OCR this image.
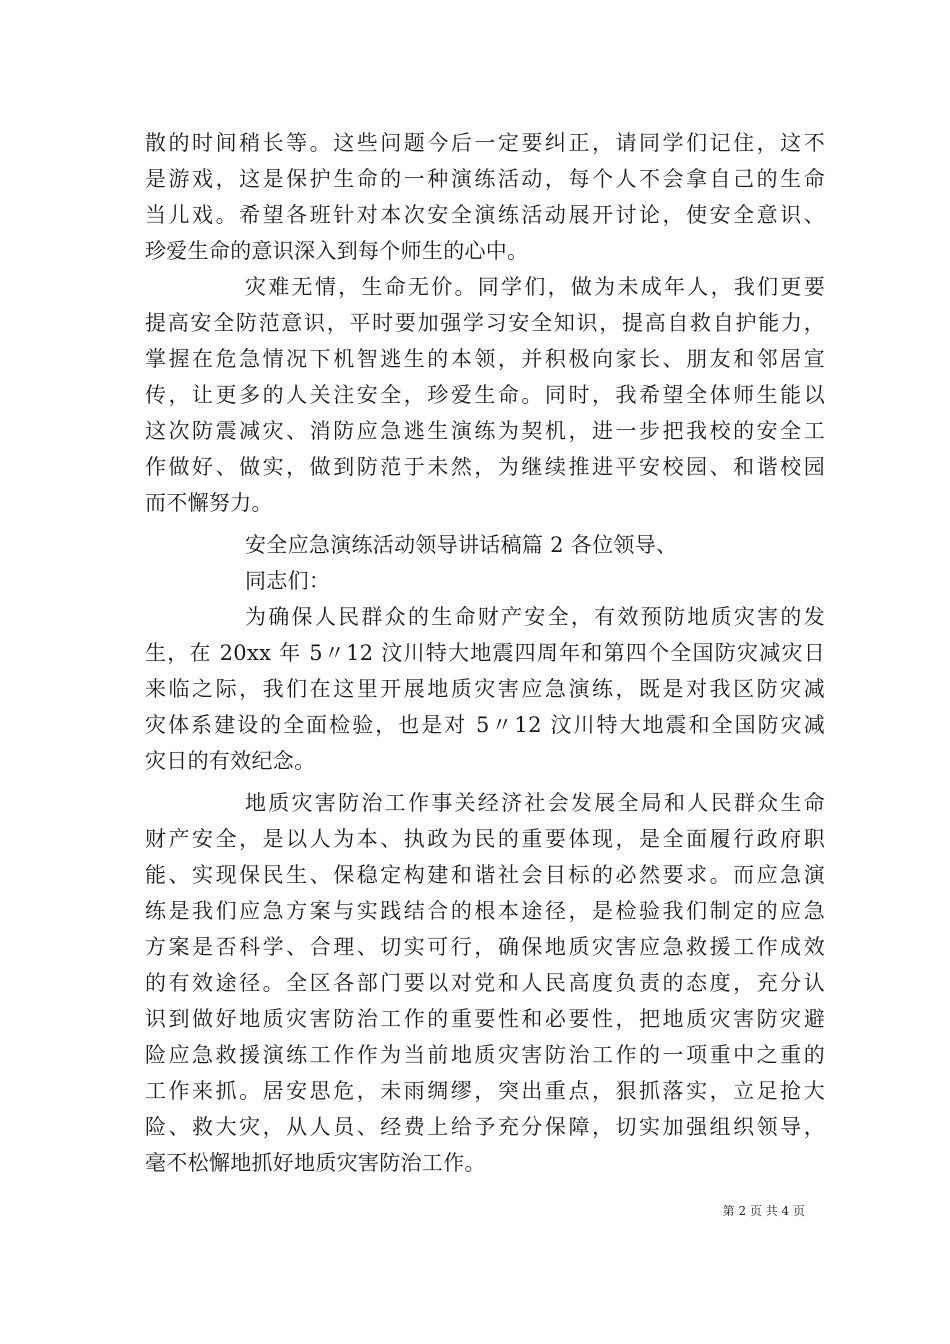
散的时间稍长等。这些问题今后一定要纠正，请同学们记住，这不
是游戏，这是保护生命的一种演练活动，每个人不会拿自己的生命
当儿戏。希望各班针对本次安全演练活动展开讨论，使安全意识、
珍爱生命的意识深入到每个师生的心中。
灾难无情，生命无价。同学们，做为未成年人，我们更要
提高安全防范意识，平时要加强学习安全知识，提高自救自护能力，
掌握在危急情况下机智逃生的本领，并积极向家长、朋友和邻居宣
传，让更多的人关注安全，珍爱生命。同时，我希望全体师生能以
这次防震减灾、消防应急逃生演练为契机，进一步把我校的安全工
作做好、做实，做到防范于未然，为继续推进平安校园、和谐校园
而不懈努力。
安全应急演练活动领导讲话稿篇 2 各位领导、
同志们：
为确保人民群众的生命财产安全，有效预防地质灾害的发
生，在 20xx 年 5〃12 汶川特大地震四周年和第四个全国防灾减灾日
来临之际，我们在这里开展地质灾害应急演练，既是对我区防灾减
灾体系建设的全面检验，也是对 5〃12 汶川特大地震和全国防灾减
灾日的有效纪念。
地质灾害防治工作事关经济社会发展全局和人民群众生命
财产安全，是以人为本、执政为民的重要体现，是全面履行政府职
能、实现保民生、保稳定构建和谐社会目标的必然要求。而应急演
练是我们应急方案与实践结合的根本途径，是检验我们制定的应急
方案是否科学、合理、切实可行，确保地质灾害应急救援工作成效
的有效途径。全区各部门要以对党和人民高度负责的态度，充分认
识到做好地质灾害防治工作的重要性和必要性，把地质灾害防灾避
险应急救援演练工作作为当前地质灾害防治工作的一项重中之重的
工作来抓。居安思危，未雨绸缪，突出重点，狠抓落实，立足抢大
险、救大灾，从人员、经费上给予充分保障，切实加强组织领导，
毫不松懈地抓好地质灾害防治工作。
第 2 页 共 4 页
